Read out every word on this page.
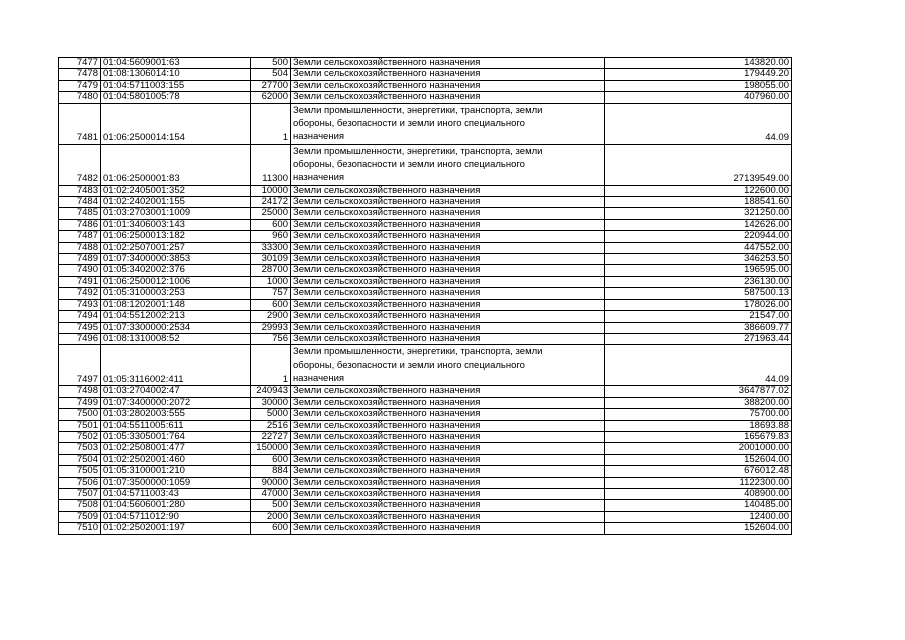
7477	01:04:5609001:63	500	Земли сельскохозяйственного назначения	143820.00
7478	01:08:1306014:10	504	Земли сельскохозяйственного назначения	179449.20
7479	01:04:5711003:155	27700	Земли сельскохозяйственного назначения	198055.00
7480	01:04:5801005:78	62000	Земли сельскохозяйственного назначения	407960.00
7481	01:06:2500014:154	1	Земли промышленности, энергетики, транспорта, земли
обороны, безопасности и земли иного специального
назначения	44.09
7482	01:06:2500001:83	11300	Земли промышленности, энергетики, транспорта, земли
обороны, безопасности и земли иного специального
назначения	27139549.00
7483	01:02:2405001:352	10000	Земли сельскохозяйственного назначения	122600.00
7484	01:02:2402001:155	24172	Земли сельскохозяйственного назначения	188541.60
7485	01:03:2703001:1009	25000	Земли сельскохозяйственного назначения	321250.00
7486	01:01:3406003:143	600	Земли сельскохозяйственного назначения	142626.00
7487	01:06:2500013:182	960	Земли сельскохозяйственного назначения	220944.00
7488	01:02:2507001:257	33300	Земли сельскохозяйственного назначения	447552.00
7489	01:07:3400000:3853	30109	Земли сельскохозяйственного назначения	346253.50
7490	01:05:3402002:376	28700	Земли сельскохозяйственного назначения	196595.00
7491	01:06:2500012:1006	1000	Земли сельскохозяйственного назначения	236130.00
7492	01:05:3100003:253	757	Земли сельскохозяйственного назначения	587500.13
7493	01:08:1202001:148	600	Земли сельскохозяйственного назначения	178026.00
7494	01:04:5512002:213	2900	Земли сельскохозяйственного назначения	21547.00
7495	01:07:3300000:2534	29993	Земли сельскохозяйственного назначения	386609.77
7496	01:08:1310008:52	756	Земли сельскохозяйственного назначения	271963.44
7497	01:05:3116002:411	1	Земли промышленности, энергетики, транспорта, земли
обороны, безопасности и земли иного специального
назначения	44.09
7498	01:03:2704002:47	240943	Земли сельскохозяйственного назначения	3647877.02
7499	01:07:3400000:2072	30000	Земли сельскохозяйственного назначения	388200.00
7500	01:03:2802003:555	5000	Земли сельскохозяйственного назначения	75700.00
7501	01:04:5511005:611	2516	Земли сельскохозяйственного назначения	18693.88
7502	01:05:3305001:764	22727	Земли сельскохозяйственного назначения	165679.83
7503	01:02:2508001:477	150000	Земли сельскохозяйственного назначения	2001000.00
7504	01:02:2502001:460	600	Земли сельскохозяйственного назначения	152604.00
7505	01:05:3100001:210	884	Земли сельскохозяйственного назначения	676012.48
7506	01:07:3500000:1059	90000	Земли сельскохозяйственного назначения	1122300.00
7507	01:04:5711003:43	47000	Земли сельскохозяйственного назначения	408900.00
7508	01:04:5606001:280	500	Земли сельскохозяйственного назначения	140485.00
7509	01:04:5711012:90	2000	Земли сельскохозяйственного назначения	12400.00
7510	01:02:2502001:197	600	Земли сельскохозяйственного назначения	152604.00
